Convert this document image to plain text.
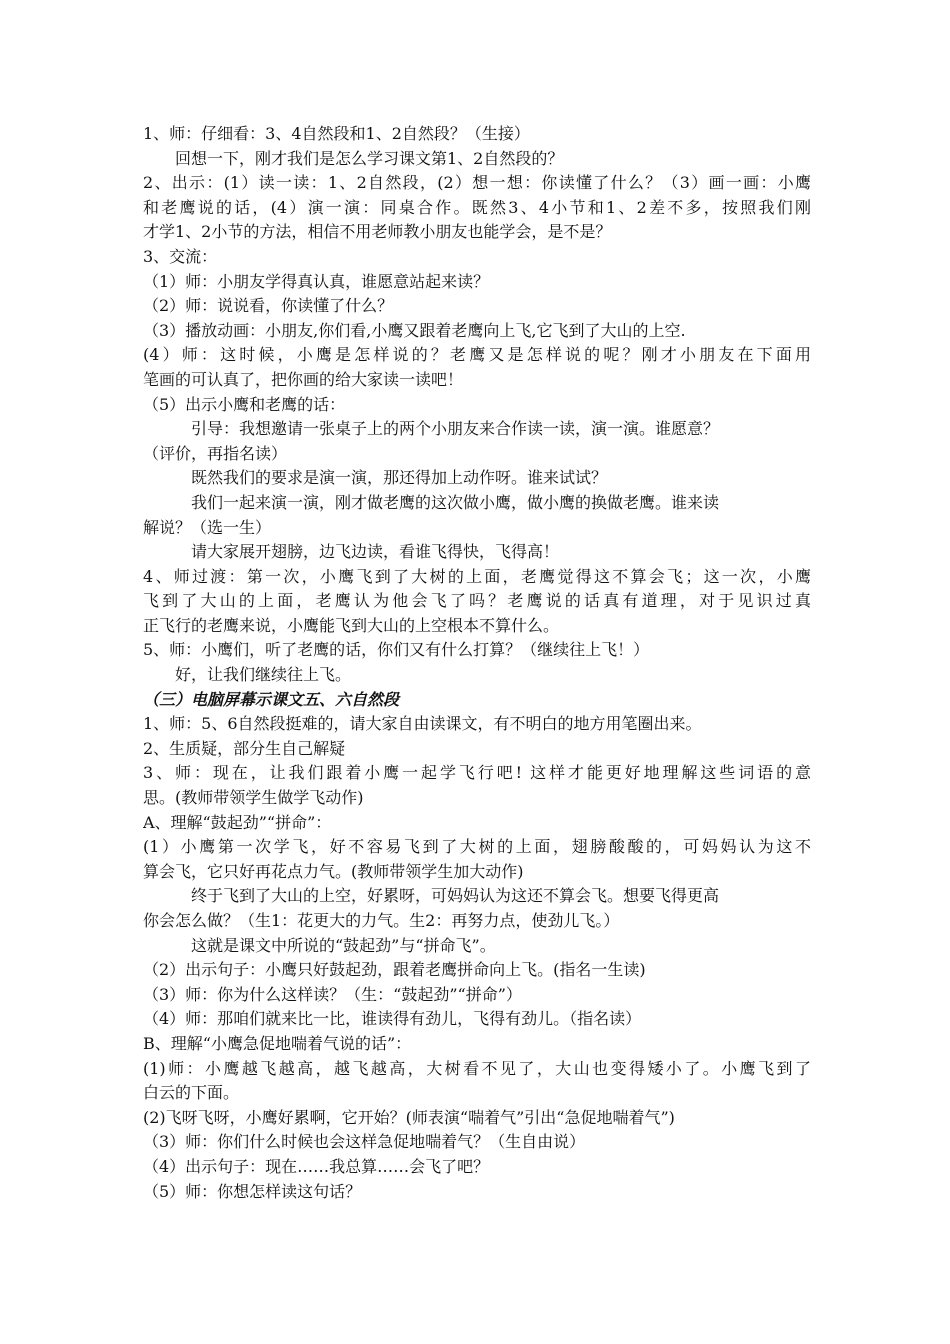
1、师：仔细看：3、4自然段和1、2自然段？（生接）
回想一下，刚才我们是怎么学习课文第1、2自然段的？
2、出示：(1）读一读：1、2自然段，(2）想一想：你读懂了什么？（3）画一画：小鹰
和老鹰说的话，(4）演一演：同桌合作。既然3、4小节和1、2差不多，按照我们刚
才学1、2小节的方法，相信不用老师教小朋友也能学会，是不是？
3、交流：
（1）师：小朋友学得真认真，谁愿意站起来读？
（2）师：说说看，你读懂了什么？
（3）播放动画：小朋友,你们看,小鹰又跟着老鹰向上飞,它飞到了大山的上空.
(4）师：这时候，小鹰是怎样说的？老鹰又是怎样说的呢？刚才小朋友在下面用
笔画的可认真了，把你画的给大家读一读吧！
（5）出示小鹰和老鹰的话：
引导：我想邀请一张桌子上的两个小朋友来合作读一读，演一演。谁愿意？
（评价，再指名读）
既然我们的要求是演一演，那还得加上动作呀。谁来试试？
我们一起来演一演，刚才做老鹰的这次做小鹰，做小鹰的换做老鹰。谁来读
解说？（选一生）
请大家展开翅膀，边飞边读，看谁飞得快，飞得高！
4、师过渡：第一次，小鹰飞到了大树的上面，老鹰觉得这不算会飞；这一次，小鹰
飞到了大山的上面，老鹰认为他会飞了吗？老鹰说的话真有道理，对于见识过真
正飞行的老鹰来说，小鹰能飞到大山的上空根本不算什么。
5、师：小鹰们，听了老鹰的话，你们又有什么打算？（继续往上飞！）
好，让我们继续往上飞。
（三）电脑屏幕示课文五、六自然段
1、师：5、6自然段挺难的，请大家自由读课文，有不明白的地方用笔圈出来。
2、生质疑，部分生自己解疑
3、师：现在，让我们跟着小鹰一起学飞行吧! 这样才能更好地理解这些词语的意
思。(教师带领学生做学飞动作)
A、理解“鼓起劲”“拼命”：
(1）小鹰第一次学飞，好不容易飞到了大树的上面，翅膀酸酸的，可妈妈认为这不
算会飞，它只好再花点力气。(教师带领学生加大动作)
终于飞到了大山的上空，好累呀，可妈妈认为这还不算会飞。想要飞得更高
你会怎么做？（生1：花更大的力气。生2：再努力点，使劲儿飞。）
这就是课文中所说的“鼓起劲”与“拼命飞”。
（2）出示句子：小鹰只好鼓起劲，跟着老鹰拼命向上飞。(指名一生读)
（3）师：你为什么这样读？（生：“鼓起劲”“拼命”）
（4）师：那咱们就来比一比，谁读得有劲儿，飞得有劲儿。（指名读）
B、理解“小鹰急促地喘着气说的话”：
(1)师：小鹰越飞越高，越飞越高，大树看不见了，大山也变得矮小了。小鹰飞到了
白云的下面。
(2)飞呀飞呀，小鹰好累啊，它开始？(师表演“喘着气”引出“急促地喘着气”)
（3）师：你们什么时候也会这样急促地喘着气？（生自由说）
（4）出示句子：现在……我总算……会飞了吧？
（5）师：你想怎样读这句话？
